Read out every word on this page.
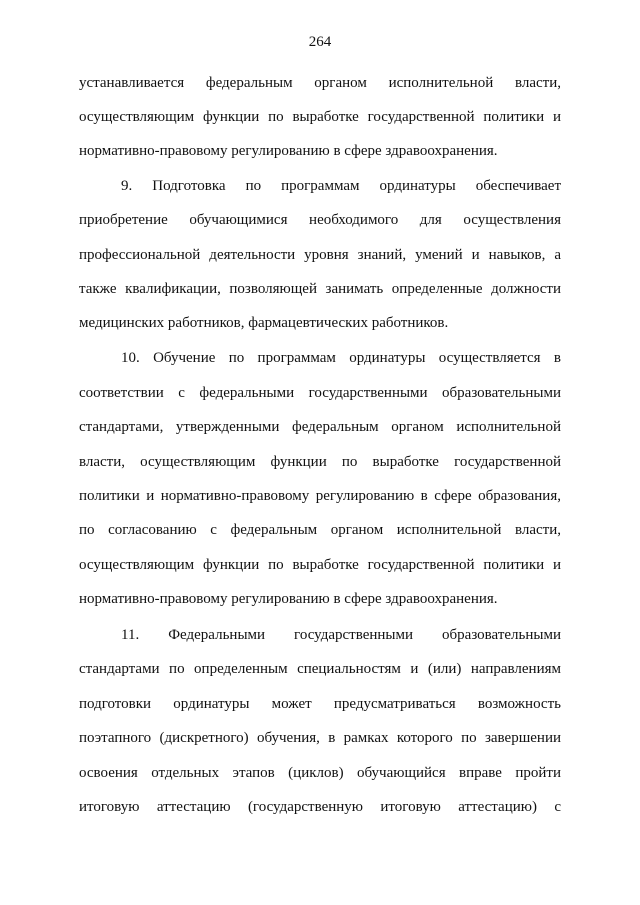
264
устанавливается федеральным органом исполнительной власти,
осуществляющим функции по выработке государственной политики и
нормативно-правовому регулированию в сфере здравоохранения.
9. Подготовка по программам ординатуры обеспечивает
приобретение обучающимися необходимого для осуществления
профессиональной деятельности уровня знаний, умений и навыков, а
также квалификации, позволяющей занимать определенные должности
медицинских работников, фармацевтических работников.
10. Обучение по программам ординатуры осуществляется в
соответствии с федеральными государственными образовательными
стандартами, утвержденными федеральным органом исполнительной
власти, осуществляющим функции по выработке государственной
политики и нормативно-правовому регулированию в сфере образования,
по согласованию с федеральным органом исполнительной власти,
осуществляющим функции по выработке государственной политики и
нормативно-правовому регулированию в сфере здравоохранения.
11. Федеральными государственными образовательными
стандартами по определенным специальностям и (или) направлениям
подготовки ординатуры может предусматриваться возможность
поэтапного (дискретного) обучения, в рамках которого по завершении
освоения отдельных этапов (циклов) обучающийся вправе пройти
итоговую аттестацию (государственную итоговую аттестацию) с
